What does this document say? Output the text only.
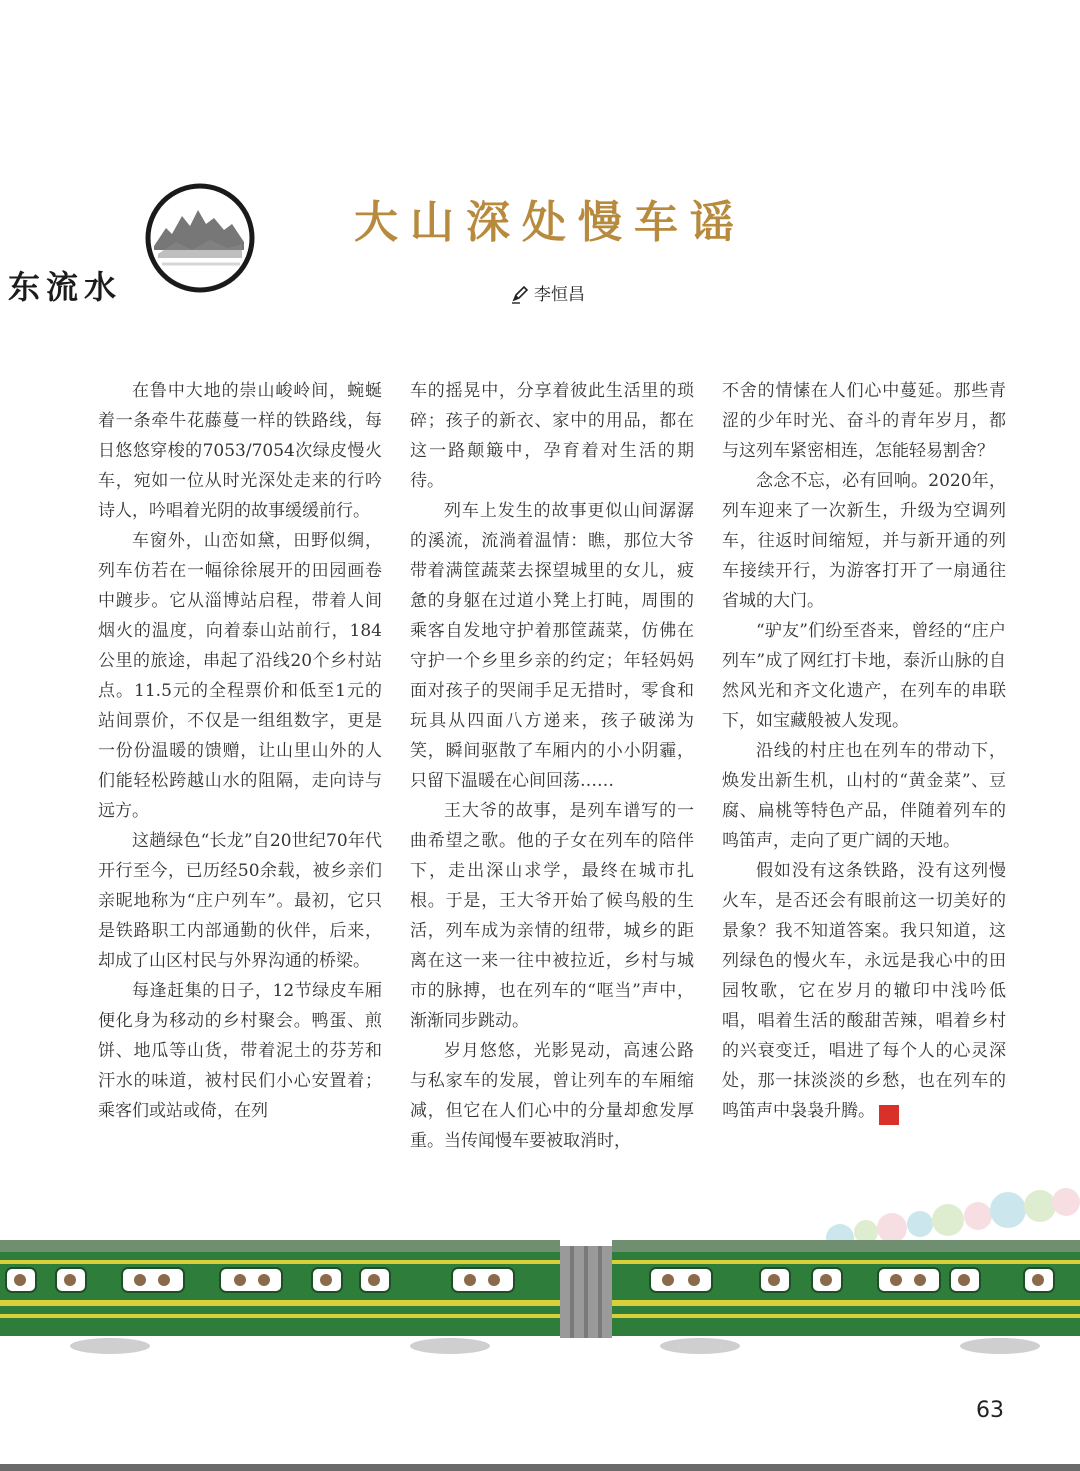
东流水
大山深处慢车谣
李恒昌

在鲁中大地的崇山峻岭间，蜿蜒着一条牵牛花藤蔓一样的铁路线，每日悠悠穿梭的7053/7054次绿皮慢火车，宛如一位从时光深处走来的行吟诗人，吟唱着光阴的故事缓缓前行。

车窗外，山峦如黛，田野似绸，列车仿若在一幅徐徐展开的田园画卷中踱步。它从淄博站启程，带着人间烟火的温度，向着泰山站前行，184公里的旅途，串起了沿线20个乡村站点。11.5元的全程票价和低至1元的站间票价，不仅是一组组数字，更是一份份温暖的馈赠，让山里山外的人们能轻松跨越山水的阻隔，走向诗与远方。

这趟绿色“长龙”自20世纪70年代开行至今，已历经50余载，被乡亲们亲昵地称为“庄户列车”。最初，它只是铁路职工内部通勤的伙伴，后来，却成了山区村民与外界沟通的桥梁。

每逢赶集的日子，12节绿皮车厢便化身为移动的乡村聚会。鸭蛋、煎饼、地瓜等山货，带着泥土的芬芳和汗水的味道，被村民们小心安置着；乘客们或站或倚，在列

车的摇晃中，分享着彼此生活里的琐碎；孩子的新衣、家中的用品，都在这一路颠簸中，孕育着对生活的期待。

列车上发生的故事更似山间潺潺的溪流，流淌着温情：瞧，那位大爷带着满筐蔬菜去探望城里的女儿，疲惫的身躯在过道小凳上打盹，周围的乘客自发地守护着那筐蔬菜，仿佛在守护一个乡里乡亲的约定；年轻妈妈面对孩子的哭闹手足无措时，零食和玩具从四面八方递来，孩子破涕为笑，瞬间驱散了车厢内的小小阴霾，只留下温暖在心间回荡……

王大爷的故事，是列车谱写的一曲希望之歌。他的子女在列车的陪伴下，走出深山求学，最终在城市扎根。于是，王大爷开始了候鸟般的生活，列车成为亲情的纽带，城乡的距离在这一来一往中被拉近，乡村与城市的脉搏，也在列车的“哐当”声中，渐渐同步跳动。

岁月悠悠，光影晃动，高速公路与私家车的发展，曾让列车的车厢缩减，但它在人们心中的分量却愈发厚重。当传闻慢车要被取消时，

不舍的情愫在人们心中蔓延。那些青涩的少年时光、奋斗的青年岁月，都与这列车紧密相连，怎能轻易割舍？

念念不忘，必有回响。2020年，列车迎来了一次新生，升级为空调列车，往返时间缩短，并与新开通的列车接续开行，为游客打开了一扇通往省城的大门。

“驴友”们纷至沓来，曾经的“庄户列车”成了网红打卡地，泰沂山脉的自然风光和齐文化遗产，在列车的串联下，如宝藏般被人发现。

沿线的村庄也在列车的带动下，焕发出新生机，山村的“黄金菜”、豆腐、扁桃等特色产品，伴随着列车的鸣笛声，走向了更广阔的天地。

假如没有这条铁路，没有这列慢火车，是否还会有眼前这一切美好的景象？我不知道答案。我只知道，这列绿色的慢火车，永远是我心中的田园牧歌，它在岁月的辙印中浅吟低唱，唱着生活的酸甜苦辣，唱着乡村的兴衰变迁，唱进了每个人的心灵深处，那一抹淡淡的乡愁，也在列车的鸣笛声中袅袅升腾。	文

63
